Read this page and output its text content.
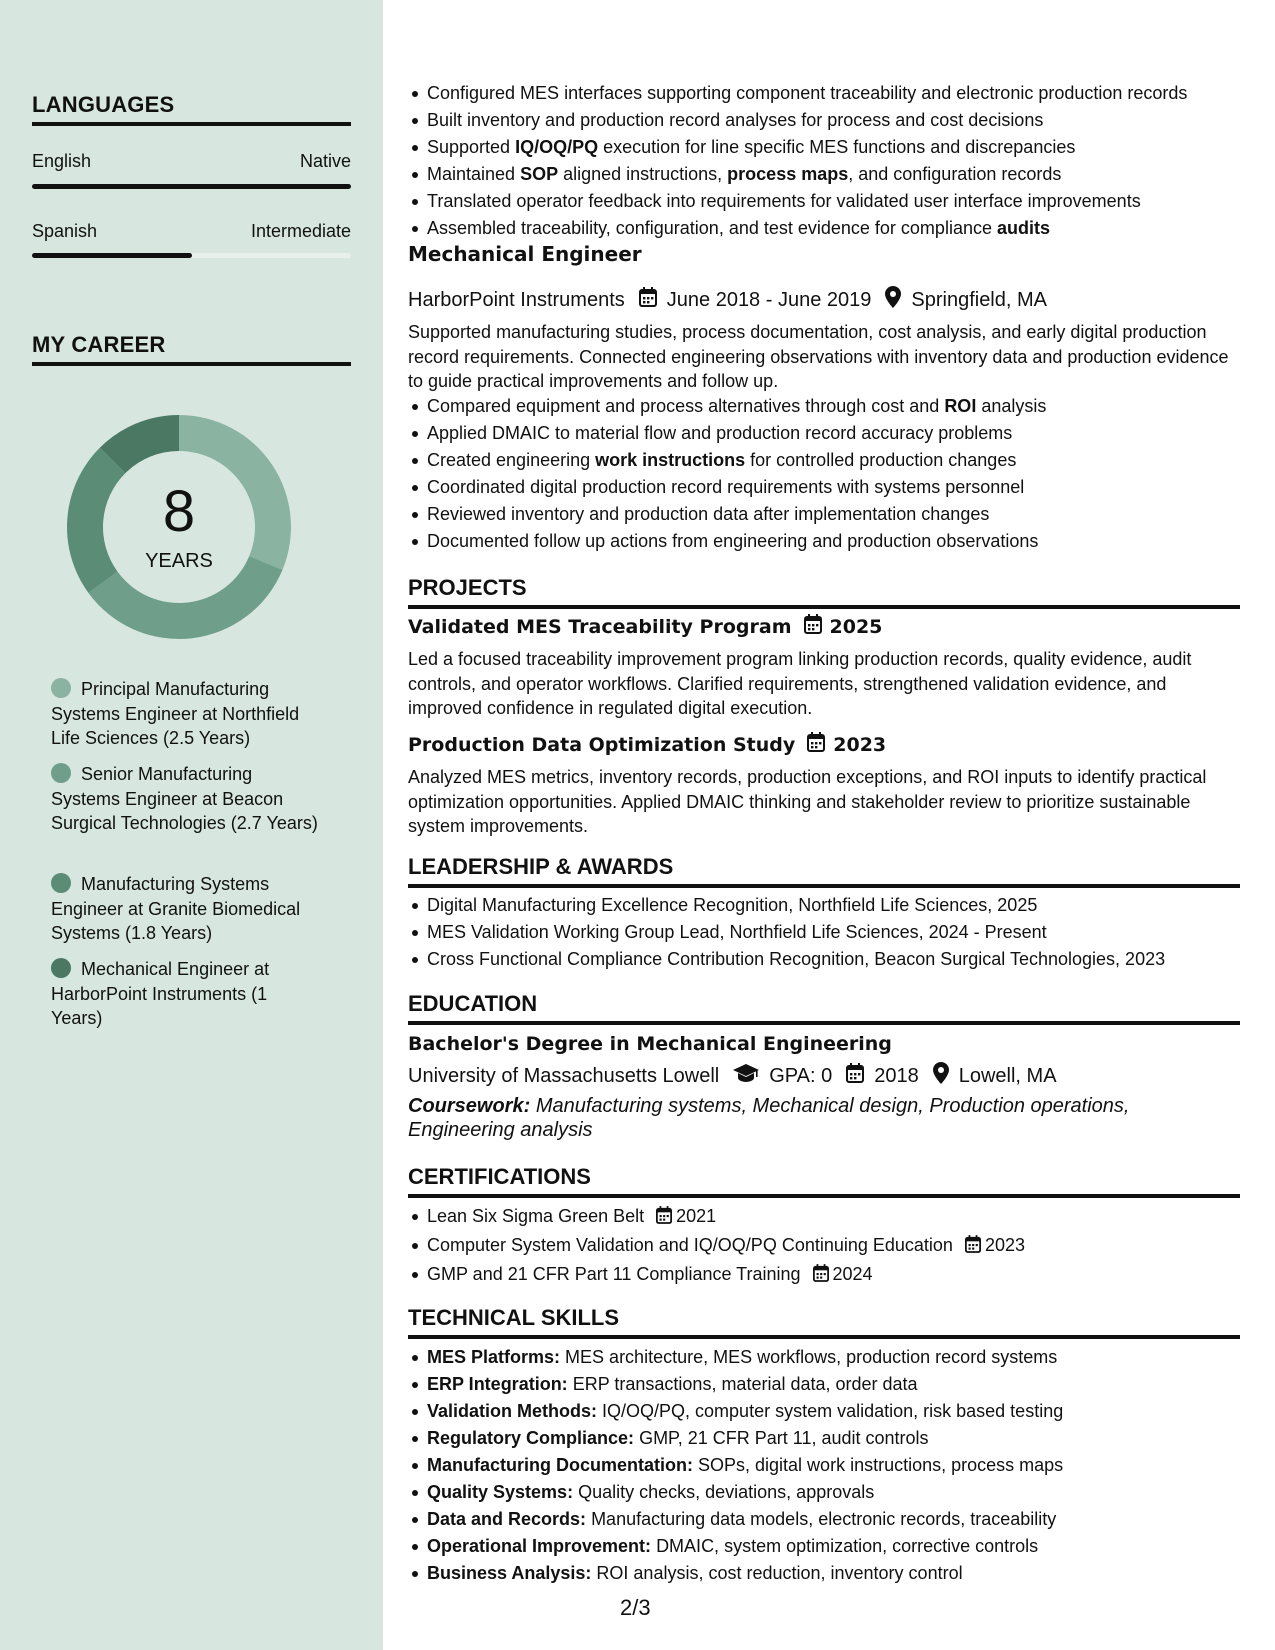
LANGUAGES
English	Native
Spanish	Intermediate
MY CAREER
8
YEARS
Principal Manufacturing Systems Engineer at Northfield Life Sciences (2.5 Years)
Senior Manufacturing Systems Engineer at Beacon Surgical Technologies (2.7 Years)
Manufacturing Systems Engineer at Granite Biomedical Systems (1.8 Years)
Mechanical Engineer at HarborPoint Instruments (1 Years)
Configured MES interfaces supporting component traceability and electronic production records
Built inventory and production record analyses for process and cost decisions
Supported IQ/OQ/PQ execution for line specific MES functions and discrepancies
Maintained SOP aligned instructions, process maps, and configuration records
Translated operator feedback into requirements for validated user interface improvements
Assembled traceability, configuration, and test evidence for compliance audits
Mechanical Engineer
HarborPoint Instruments June 2018 - June 2019 Springfield, MA
Supported manufacturing studies, process documentation, cost analysis, and early digital production record requirements. Connected engineering observations with inventory data and production evidence to guide practical improvements and follow up.
Compared equipment and process alternatives through cost and ROI analysis
Applied DMAIC to material flow and production record accuracy problems
Created engineering work instructions for controlled production changes
Coordinated digital production record requirements with systems personnel
Reviewed inventory and production data after implementation changes
Documented follow up actions from engineering and production observations
PROJECTS
Validated MES Traceability Program 2025
Led a focused traceability improvement program linking production records, quality evidence, audit controls, and operator workflows. Clarified requirements, strengthened validation evidence, and improved confidence in regulated digital execution.
Production Data Optimization Study 2023
Analyzed MES metrics, inventory records, production exceptions, and ROI inputs to identify practical optimization opportunities. Applied DMAIC thinking and stakeholder review to prioritize sustainable system improvements.
LEADERSHIP & AWARDS
Digital Manufacturing Excellence Recognition, Northfield Life Sciences, 2025
MES Validation Working Group Lead, Northfield Life Sciences, 2024 - Present
Cross Functional Compliance Contribution Recognition, Beacon Surgical Technologies, 2023
EDUCATION
Bachelor's Degree in Mechanical Engineering
University of Massachusetts Lowell	GPA: 0 2018 Lowell, MA
Coursework: Manufacturing systems, Mechanical design, Production operations, Engineering analysis
CERTIFICATIONS
Lean Six Sigma Green Belt 2021
Computer System Validation and IQ/OQ/PQ Continuing Education 2023
GMP and 21 CFR Part 11 Compliance Training 2024
TECHNICAL SKILLS
MES Platforms: MES architecture, MES workflows, production record systems
ERP Integration: ERP transactions, material data, order data
Validation Methods: IQ/OQ/PQ, computer system validation, risk based testing
Regulatory Compliance: GMP, 21 CFR Part 11, audit controls
Manufacturing Documentation: SOPs, digital work instructions, process maps
Quality Systems: Quality checks, deviations, approvals
Data and Records: Manufacturing data models, electronic records, traceability
Operational Improvement: DMAIC, system optimization, corrective controls
Business Analysis: ROI analysis, cost reduction, inventory control
2/3
